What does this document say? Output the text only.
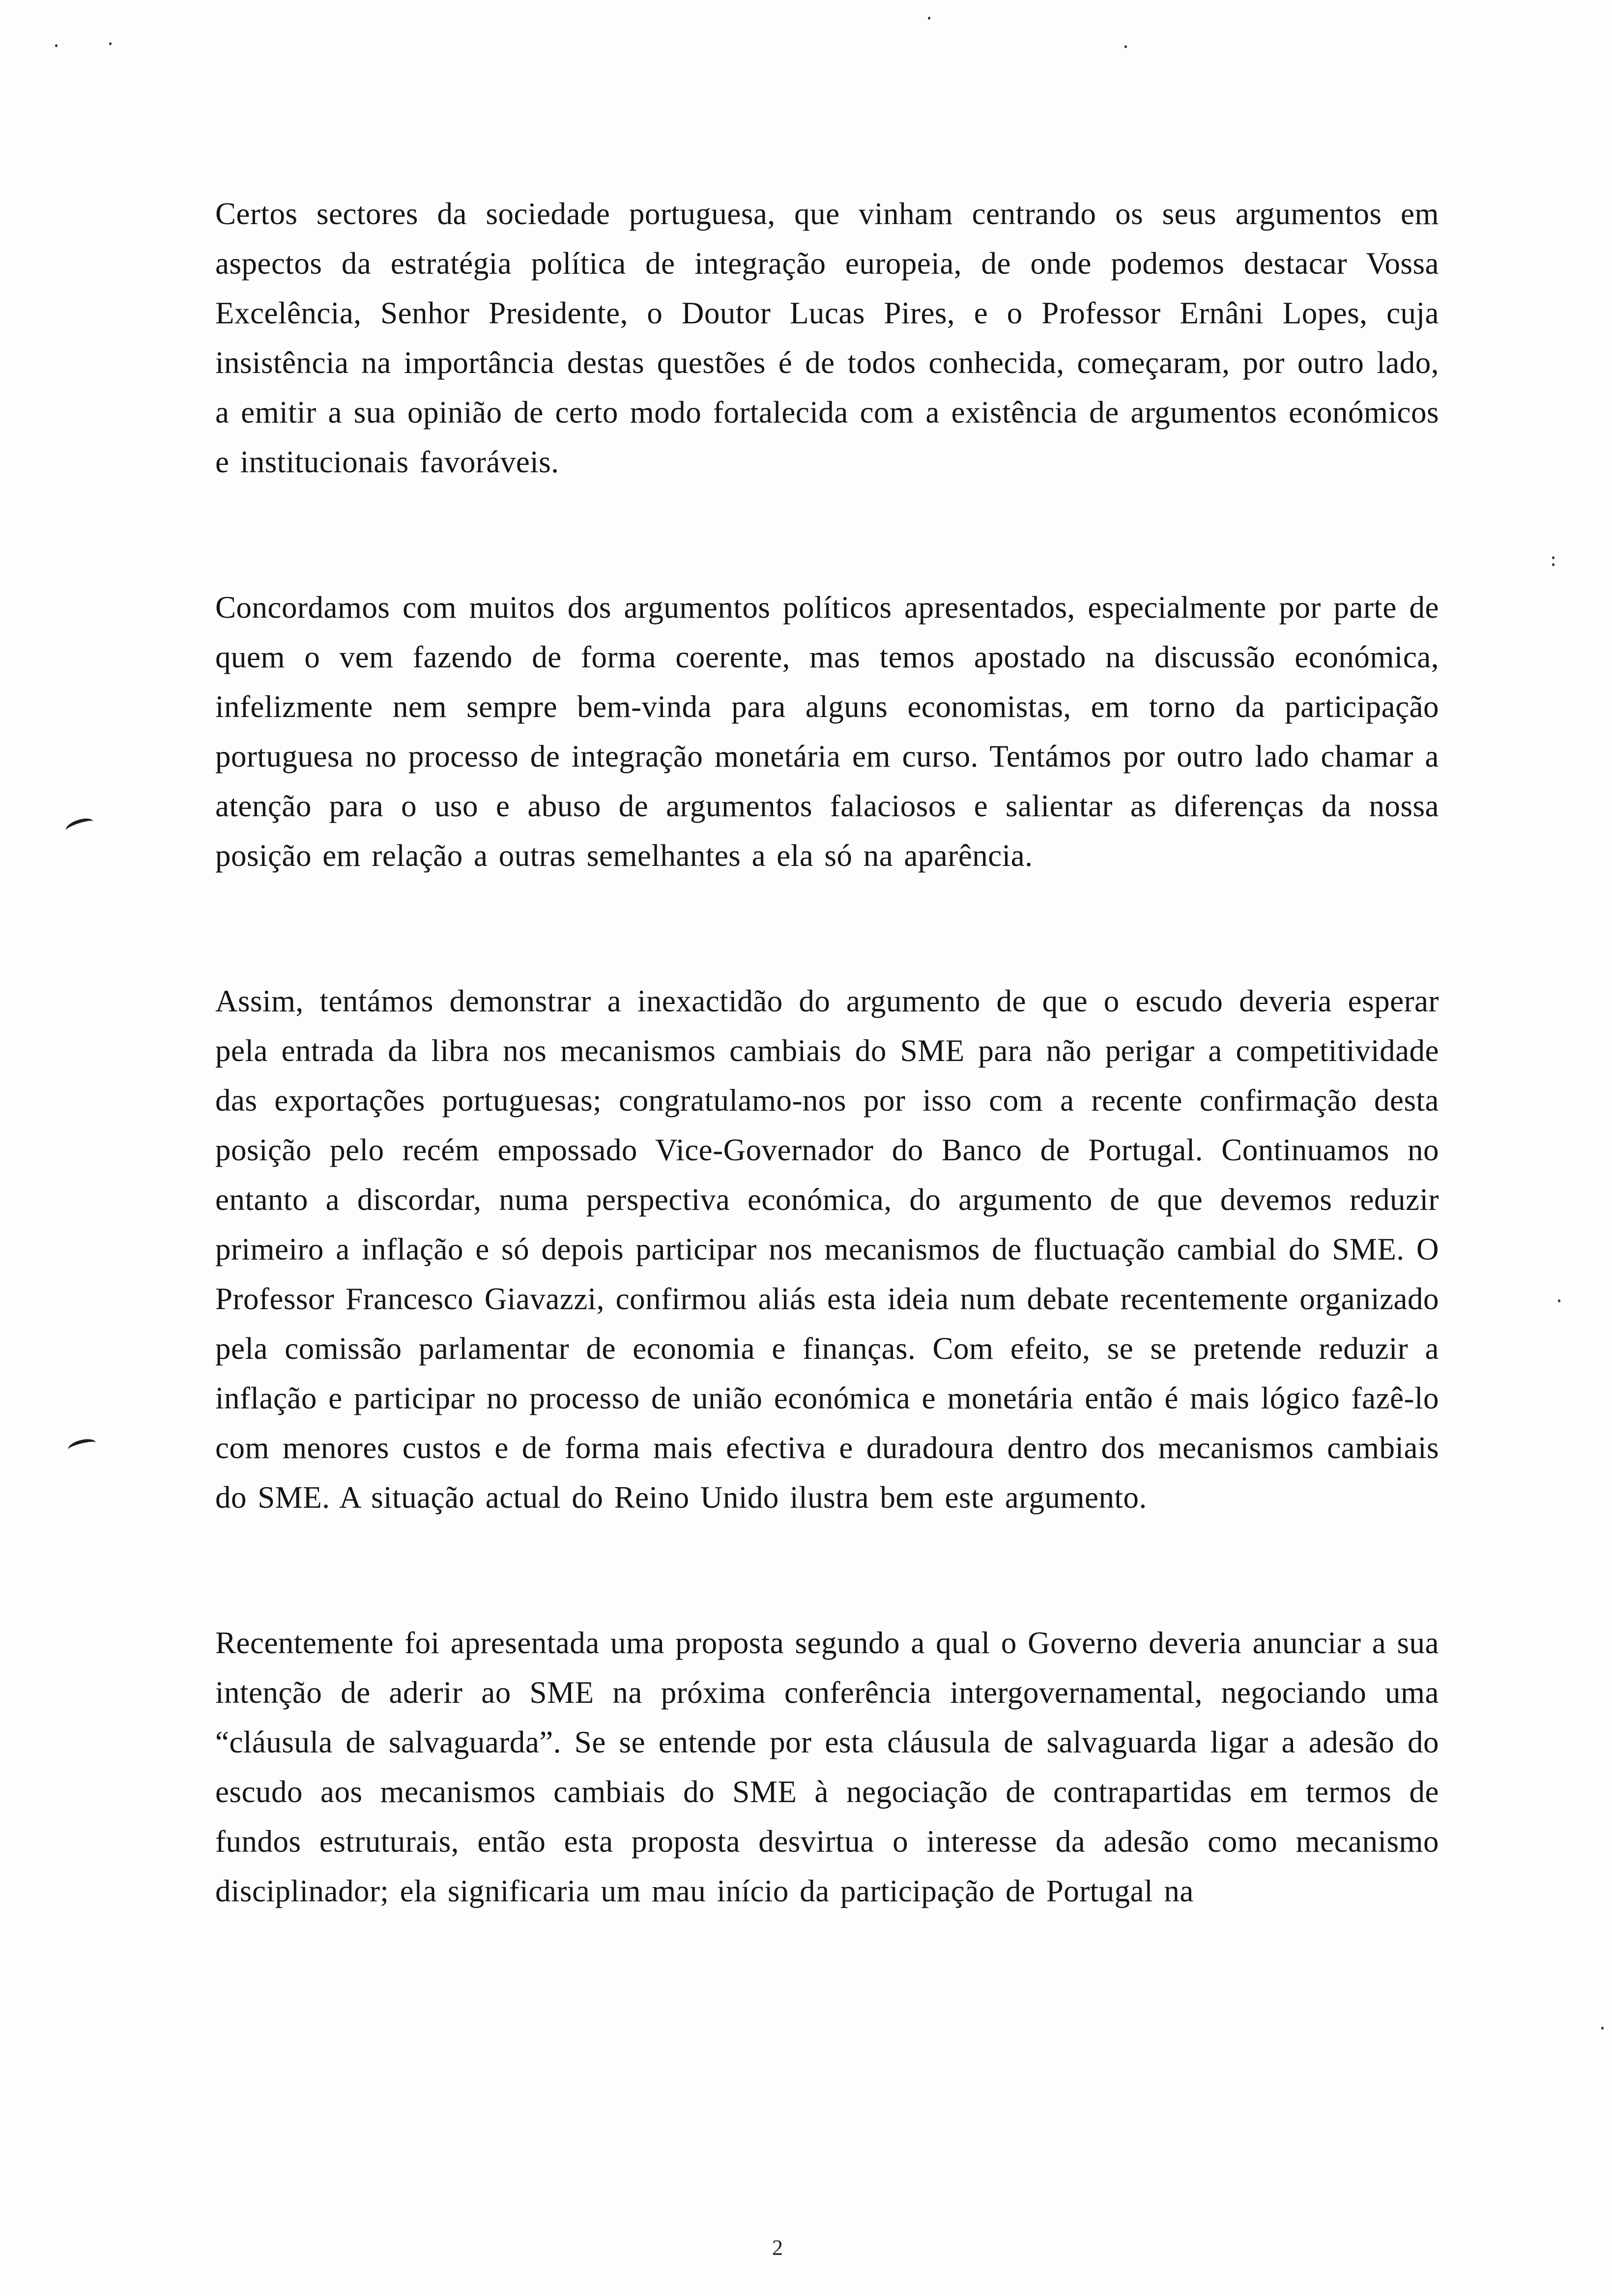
Certos sectores da sociedade portuguesa, que vinham centrando os seus argumentos em aspectos da estratégia política de integração europeia, de onde podemos destacar Vossa Excelência, Senhor Presidente, o Doutor Lucas Pires, e o Professor Ernâni Lopes, cuja insistência na importância destas questões é de todos conhecida, começaram, por outro lado, a emitir a sua opinião de certo modo fortalecida com a existência de argumentos económicos e institucionais favoráveis.

Concordamos com muitos dos argumentos políticos apresentados, especialmente por parte de quem o vem fazendo de forma coerente, mas temos apostado na discussão económica, infelizmente nem sempre bem-vinda para alguns economistas, em torno da participação portuguesa no processo de integração monetária em curso. Tentámos por outro lado chamar a atenção para o uso e abuso de argumentos falaciosos e salientar as diferenças da nossa posição em relação a outras semelhantes a ela só na aparência.

Assim, tentámos demonstrar a inexactidão do argumento de que o escudo deveria esperar pela entrada da libra nos mecanismos cambiais do SME para não perigar a competitividade das exportações portuguesas; congratulamo-nos por isso com a recente confirmação desta posição pelo recém empossado Vice-Governador do Banco de Portugal. Continuamos no entanto a discordar, numa perspectiva económica, do argumento de que devemos reduzir primeiro a inflação e só depois participar nos mecanismos de fluctuação cambial do SME. O Professor Francesco Giavazzi, confirmou aliás esta ideia num debate recentemente organizado pela comissão parlamentar de economia e finanças. Com efeito, se se pretende reduzir a inflação e participar no processo de união económica e monetária então é mais lógico fazê-lo com menores custos e de forma mais efectiva e duradoura dentro dos mecanismos cambiais do SME. A situação actual do Reino Unido ilustra bem este argumento.

Recentemente foi apresentada uma proposta segundo a qual o Governo deveria anunciar a sua intenção de aderir ao SME na próxima conferência intergovernamental, negociando uma “cláusula de salvaguarda”. Se se entende por esta cláusula de salvaguarda ligar a adesão do escudo aos mecanismos cambiais do SME à negociação de contrapartidas em termos de fundos estruturais, então esta proposta desvirtua o interesse da adesão como mecanismo disciplinador; ela significaria um mau início da participação de Portugal na

2
